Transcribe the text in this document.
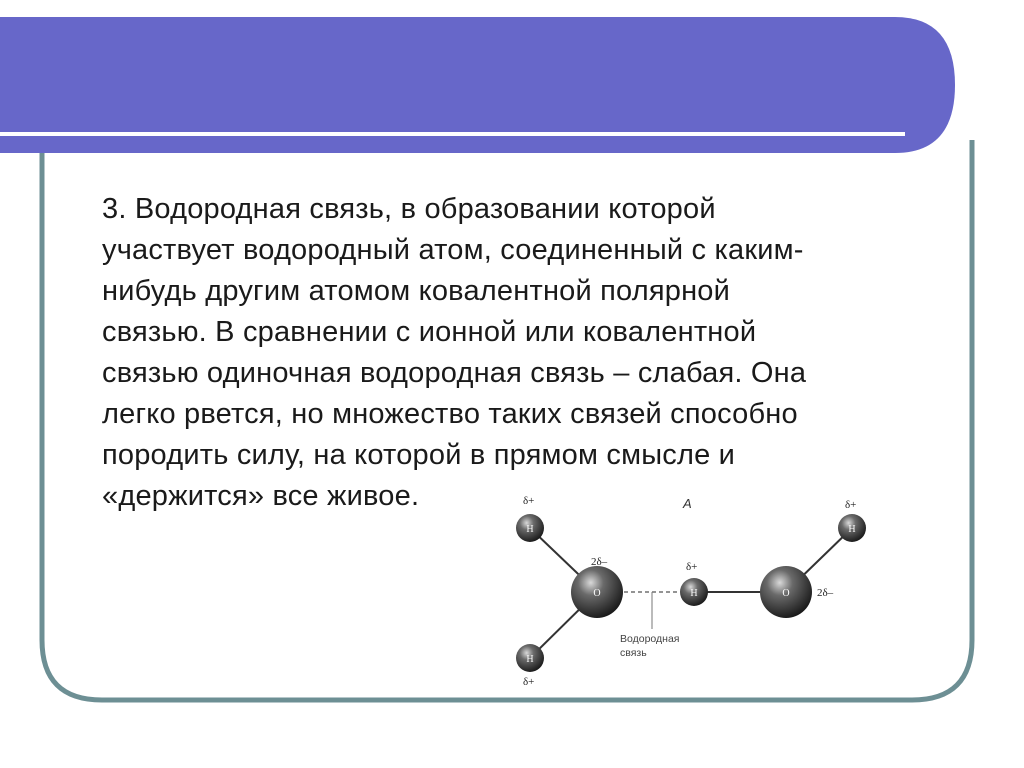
3. Водородная связь, в образовании которой
участвует водородный атом, соединенный с каким-
нибудь другим атомом ковалентной полярной
связью. В сравнении с ионной или ковалентной
связью одиночная водородная связь – слабая. Она
легко рвется, но множество таких связей способно
породить силу, на которой в прямом смысле и
«держится» все живое.
O	O
H
H
H
H
δ+
δ+
δ+
δ+
2δ–
2δ–
A
Водородная
связь
